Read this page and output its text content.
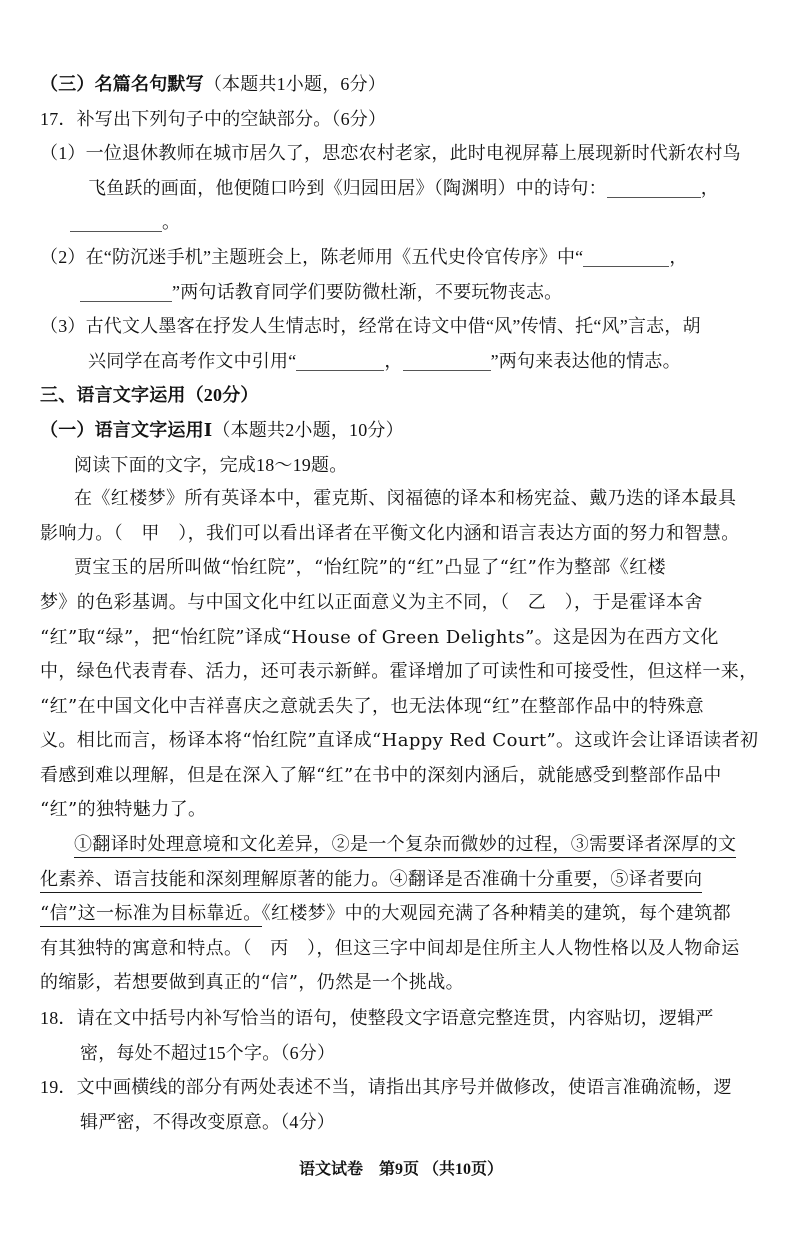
（三）名篇名句默写（本题共1小题，6分）
17．补写出下列句子中的空缺部分。（6分）
（1）一位退休教师在城市居久了，思恋农村老家，此时电视屏幕上展现新时代新农村鸟
飞鱼跃的画面，他便随口吟到《归园田居》（陶渊明）中的诗句：	，
。
（2）在“防沉迷手机”主题班会上，陈老师用《五代史伶官传序》中“	，
”两句话教育同学们要防微杜渐，不要玩物丧志。
（3）古代文人墨客在抒发人生情志时，经常在诗文中借“风”传情、托“风”言志，胡
兴同学在高考作文中引用“	，	”两句来表达他的情志。
三、语言文字运用（20分）
（一）语言文字运用Ⅰ（本题共2小题，10分）
阅读下面的文字，完成18～19题。
在《红楼梦》所有英译本中，霍克斯、闵福德的译本和杨宪益、戴乃迭的译本最具
影响力。（　甲　），我们可以看出译者在平衡文化内涵和语言表达方面的努力和智慧。
贾宝玉的居所叫做“怡红院”，“怡红院”的“红”凸显了“红”作为整部《红楼
梦》的色彩基调。与中国文化中红以正面意义为主不同，（　乙　），于是霍译本舍
“红”取“绿”，把“怡红院”译成“House of Green Delights”。这是因为在西方文化
中，绿色代表青春、活力，还可表示新鲜。霍译增加了可读性和可接受性，但这样一来，
“红”在中国文化中吉祥喜庆之意就丢失了，也无法体现“红”在整部作品中的特殊意
义。相比而言，杨译本将“怡红院”直译成“Happy Red Court”。这或许会让译语读者初
看感到难以理解，但是在深入了解“红”在书中的深刻内涵后，就能感受到整部作品中
“红”的独特魅力了。
①翻译时处理意境和文化差异，②是一个复杂而微妙的过程，③需要译者深厚的文
化素养、语言技能和深刻理解原著的能力。④翻译是否准确十分重要，⑤译者要向
“信”这一标准为目标靠近。《红楼梦》中的大观园充满了各种精美的建筑，每个建筑都
有其独特的寓意和特点。（　丙　），但这三字中间却是住所主人人物性格以及人物命运
的缩影，若想要做到真正的“信”，仍然是一个挑战。
18．请在文中括号内补写恰当的语句，使整段文字语意完整连贯，内容贴切，逻辑严
密，每处不超过15个字。（6分）
19．文中画横线的部分有两处表述不当，请指出其序号并做修改，使语言准确流畅，逻
辑严密，不得改变原意。（4分）
语文试卷　第9页 （共10页）
